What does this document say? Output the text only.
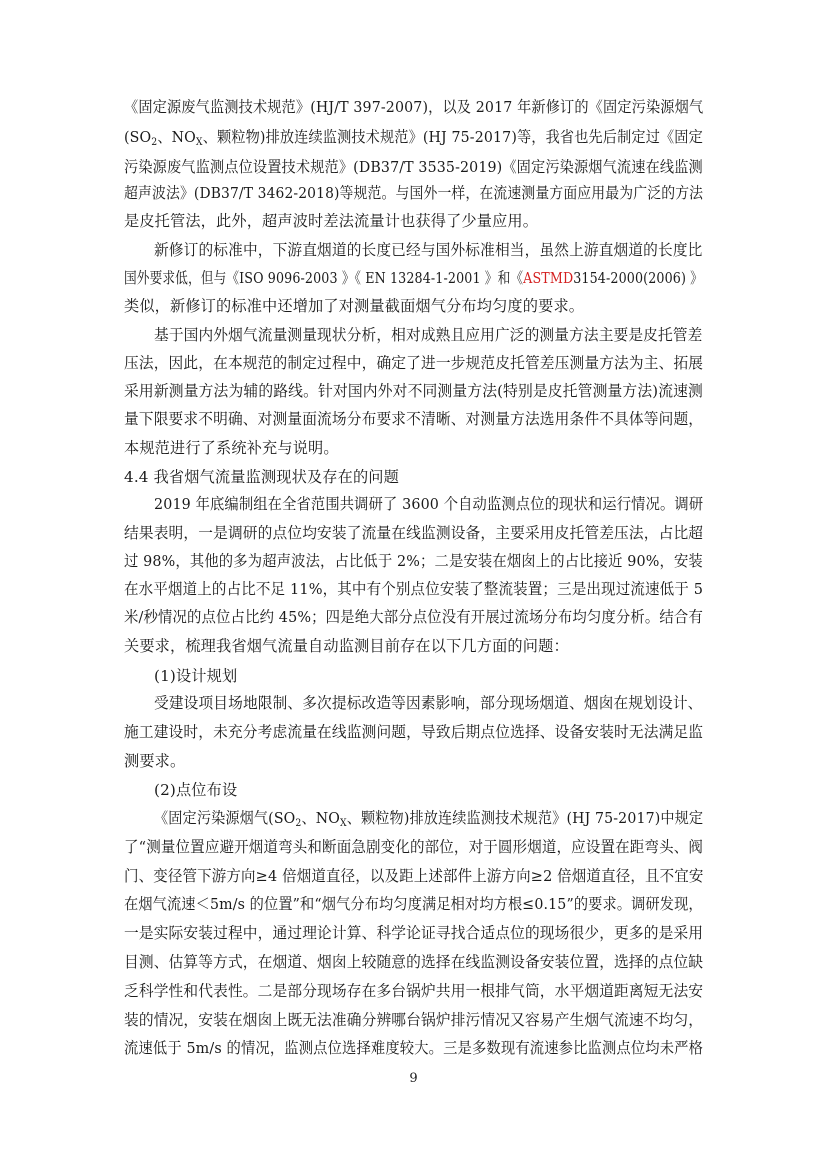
《固定源废气监测技术规范》(HJ/T 397-2007)，以及 2017 年新修订的《固定污染源烟气
($SO_2$、$NO_X$、颗粒物)排放连续监测技术规范》(HJ 75-2017)等，我省也先后制定过《固定
污染源废气监测点位设置技术规范》(DB37/T 3535-2019)《固定污染源烟气流速在线监测
超声波法》(DB37/T 3462-2018)等规范。与国外一样，在流速测量方面应用最为广泛的方法
是皮托管法，此外，超声波时差法流量计也获得了少量应用。
新修订的标准中，下游直烟道的长度已经与国外标准相当，虽然上游直烟道的长度比
国外要求低，但与《ISO 9096-2003 》《 EN 13284-1-2001 》和《ASTMD3154-2000(2006) 》
类似，新修订的标准中还增加了对测量截面烟气分布均匀度的要求。
基于国内外烟气流量测量现状分析，相对成熟且应用广泛的测量方法主要是皮托管差
压法，因此，在本规范的制定过程中，确定了进一步规范皮托管差压测量方法为主、拓展
采用新测量方法为辅的路线。针对国内外对不同测量方法(特别是皮托管测量方法)流速测
量下限要求不明确、对测量面流场分布要求不清晰、对测量方法选用条件不具体等问题，
本规范进行了系统补充与说明。
4.4 我省烟气流量监测现状及存在的问题
2019 年底编制组在全省范围共调研了 3600 个自动监测点位的现状和运行情况。调研
结果表明，一是调研的点位均安装了流量在线监测设备，主要采用皮托管差压法，占比超
过 98%，其他的多为超声波法，占比低于 2%；二是安装在烟囱上的占比接近 90%，安装
在水平烟道上的占比不足 11%，其中有个别点位安装了整流装置；三是出现过流速低于 5
米/秒情况的点位占比约 45%；四是绝大部分点位没有开展过流场分布均匀度分析。结合有
关要求，梳理我省烟气流量自动监测目前存在以下几方面的问题：
(1)设计规划
受建设项目场地限制、多次提标改造等因素影响，部分现场烟道、烟囱在规划设计、
施工建设时，未充分考虑流量在线监测问题，导致后期点位选择、设备安装时无法满足监
测要求。
(2)点位布设
《固定污染源烟气($SO_2$、$NO_X$、颗粒物)排放连续监测技术规范》(HJ 75-2017)中规定
了“测量位置应避开烟道弯头和断面急剧变化的部位，对于圆形烟道，应设置在距弯头、阀
门、变径管下游方向≥4 倍烟道直径，以及距上述部件上游方向≥2 倍烟道直径，且不宜安
在烟气流速＜5m/s 的位置”和“烟气分布均匀度满足相对均方根≤0.15”的要求。调研发现，
一是实际安装过程中，通过理论计算、科学论证寻找合适点位的现场很少，更多的是采用
目测、估算等方式，在烟道、烟囱上较随意的选择在线监测设备安装位置，选择的点位缺
乏科学性和代表性。二是部分现场存在多台锅炉共用一根排气筒，水平烟道距离短无法安
装的情况，安装在烟囱上既无法准确分辨哪台锅炉排污情况又容易产生烟气流速不均匀，
流速低于 5m/s 的情况，监测点位选择难度较大。三是多数现有流速参比监测点位均未严格
9
